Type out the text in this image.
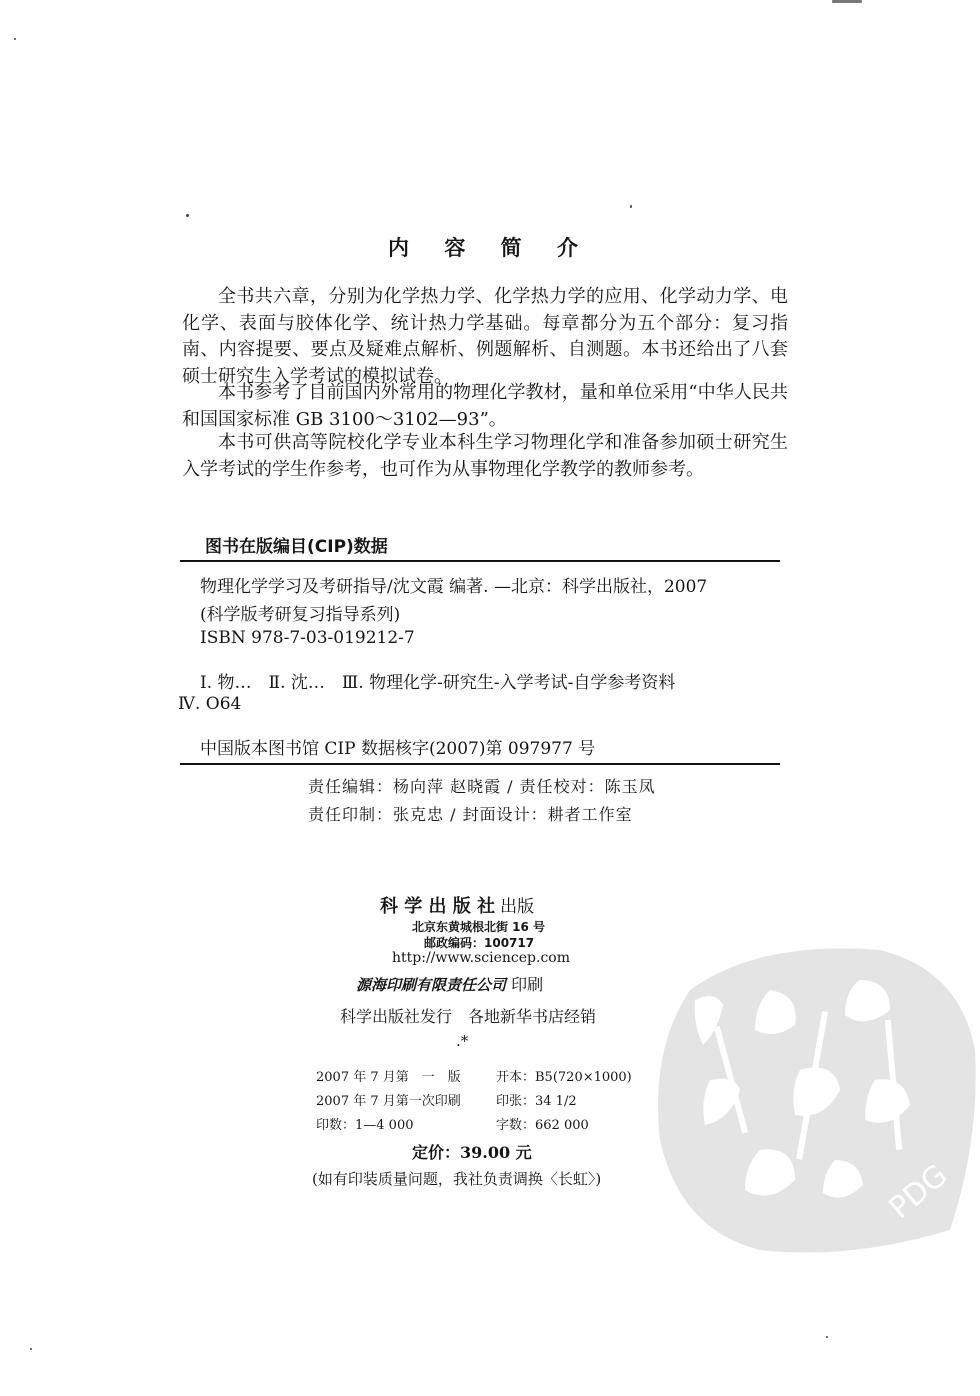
内 容 简 介

全书共六章，分别为化学热力学、化学热力学的应用、化学动力学、电化学、表面与胶体化学、统计热力学基础。每章都分为五个部分：复习指南、内容提要、要点及疑难点解析、例题解析、自测题。本书还给出了八套硕士研究生入学考试的模拟试卷。

本书参考了目前国内外常用的物理化学教材，量和单位采用“中华人民共和国国家标准 GB 3100～3102—93”。

本书可供高等院校化学专业本科生学习物理化学和准备参加硕士研究生入学考试的学生作参考，也可作为从事物理化学教学的教师参考。

图书在版编目(CIP)数据
物理化学学习及考研指导/沈文霞 编著. —北京：科学出版社，2007
(科学版考研复习指导系列)
ISBN 978-7-03-019212-7
Ⅰ. 物…　Ⅱ. 沈…　Ⅲ. 物理化学-研究生-入学考试-自学参考资料
Ⅳ. O64
中国版本图书馆 CIP 数据核字(2007)第 097977 号
责任编辑：杨向萍 赵晓霞 / 责任校对：陈玉凤
责任印制：张克忠 / 封面设计：耕者工作室
科 学 出 版 社 出版
北京东黄城根北街 16 号
邮政编码：100717
http://www.sciencep.com
源海印刷有限责任公司 印刷
科学出版社发行　各地新华书店经销
.*
2007 年 7 月第　一　版	开本：B5(720×1000)
2007 年 7 月第一次印刷	印张：34 1/2
印数：1—4 000	字数：662 000
定价：39.00 元
(如有印装质量问题，我社负责调换〈长虹〉)	PDG
